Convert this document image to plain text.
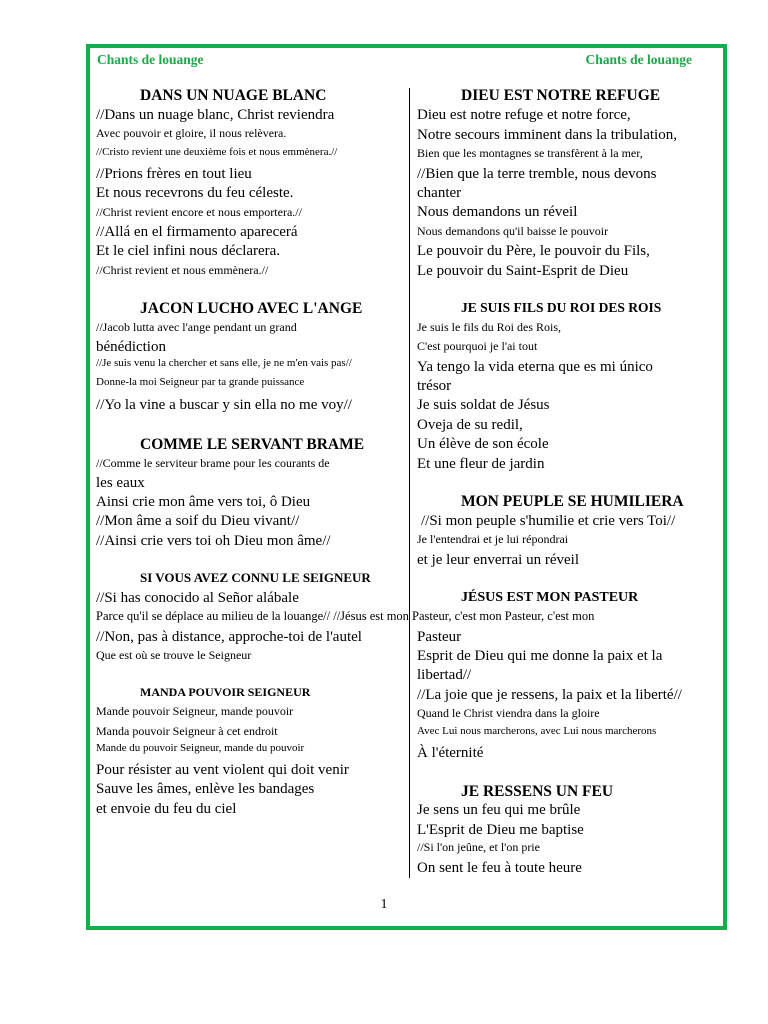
Chants de louange	Chants de louange
DANS UN NUAGE BLANC
//Dans un nuage blanc, Christ reviendra
Avec pouvoir et gloire, il nous relèvera.
//Cristo revient une deuxième fois et nous emmènera.//
//Prions frères en tout lieu
Et nous recevrons du feu céleste.
//Christ revient encore et nous emportera.//
//Allá en el firmamento aparecerá
Et le ciel infini nous déclarera.
//Christ revient et nous emmènera.//
JACON LUCHO AVEC L'ANGE
//Jacob lutta avec l'ange pendant un grand
bénédiction
//Je suis venu la chercher et sans elle, je ne m'en vais pas//
Donne-la moi Seigneur par ta grande puissance
//Yo la vine a buscar y sin ella no me voy//
COMME LE SERVANT BRAME
//Comme le serviteur brame pour les courants de
les eaux
Ainsi crie mon âme vers toi, ô Dieu
//Mon âme a soif du Dieu vivant//
//Ainsi crie vers toi oh Dieu mon âme//
SI VOUS AVEZ CONNU LE SEIGNEUR
//Si has conocido al Señor alábale
//Non, pas à distance, approche-toi de l'autel
Que est où se trouve le Seigneur
MANDA POUVOIR SEIGNEUR
Mande pouvoir Seigneur, mande pouvoir
Manda pouvoir Seigneur à cet endroit
Mande du pouvoir Seigneur, mande du pouvoir
Pour résister au vent violent qui doit venir
Sauve les âmes, enlève les bandages
et envoie du feu du ciel
Parce qu'il se déplace au milieu de la louange// //Jésus est mon Pasteur, c'est mon Pasteur, c'est mon
DIEU EST NOTRE REFUGE
Dieu est notre refuge et notre force,
Notre secours imminent dans la tribulation,
Bien que les montagnes se transfèrent à la mer,
//Bien que la terre tremble, nous devons
chanter
Nous demandons un réveil
Nous demandons qu'il baisse le pouvoir
Le pouvoir du Père, le pouvoir du Fils,
Le pouvoir du Saint-Esprit de Dieu
JE SUIS FILS DU ROI DES ROIS
Je suis le fils du Roi des Rois,
C'est pourquoi je l'ai tout
Ya tengo la vida eterna que es mi único
trésor
Je suis soldat de Jésus
Oveja de su redil,
Un élève de son école
Et une fleur de jardin
MON PEUPLE SE HUMILIERA
//Si mon peuple s'humilie et crie vers Toi//
Je l'entendrai et je lui répondrai
et je leur enverrai un réveil
JÉSUS EST MON PASTEUR
Pasteur
Esprit de Dieu qui me donne la paix et la
libertad//
//La joie que je ressens, la paix et la liberté//
Quand le Christ viendra dans la gloire
Avec Lui nous marcherons, avec Lui nous marcherons
À l'éternité
JE RESSENS UN FEU
Je sens un feu qui me brûle
L'Esprit de Dieu me baptise
//Si l'on jeûne, et l'on prie
On sent le feu à toute heure
1
